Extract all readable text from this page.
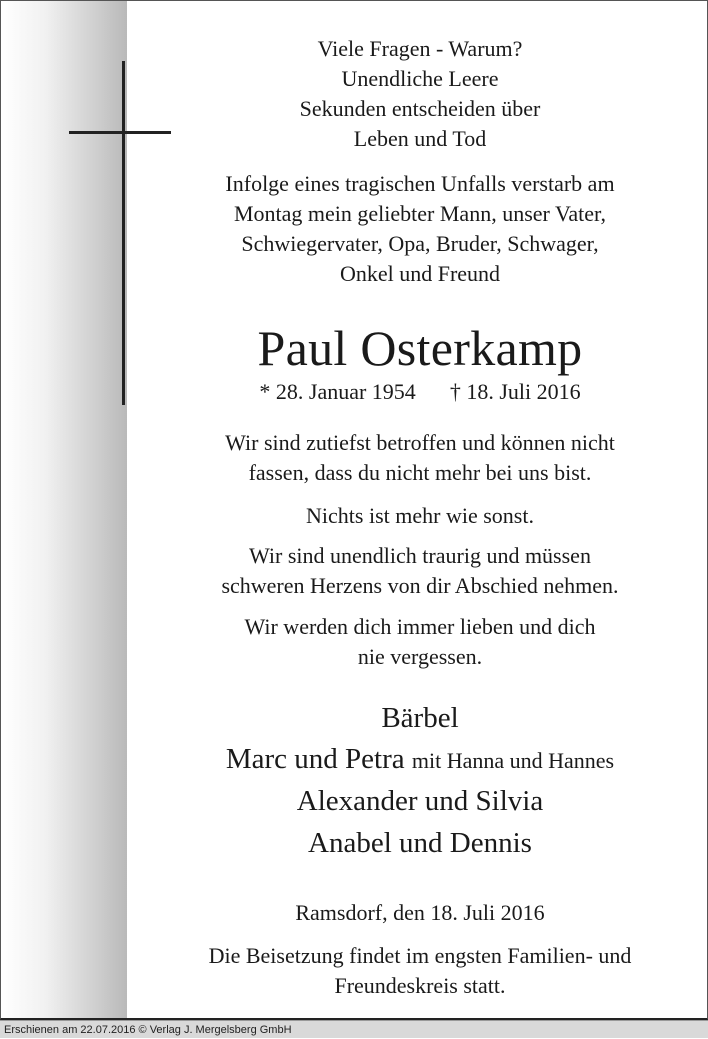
Viele Fragen - Warum?
Unendliche Leere
Sekunden entscheiden über
Leben und Tod
Infolge eines tragischen Unfalls verstarb am
Montag mein geliebter Mann, unser Vater,
Schwiegervater, Opa, Bruder, Schwager,
Onkel und Freund
Paul Osterkamp
* 28. Januar 1954 † 18. Juli 2016
Wir sind zutiefst betroffen und können nicht
fassen, dass du nicht mehr bei uns bist.
Nichts ist mehr wie sonst.
Wir sind unendlich traurig und müssen
schweren Herzens von dir Abschied nehmen.
Wir werden dich immer lieben und dich
nie vergessen.
Bärbel
Marc und Petra mit Hanna und Hannes
Alexander und Silvia
Anabel und Dennis
Ramsdorf, den 18. Juli 2016
Die Beisetzung findet im engsten Familien- und
Freundeskreis statt.
Erschienen am 22.07.2016 © Verlag J. Mergelsberg GmbH
